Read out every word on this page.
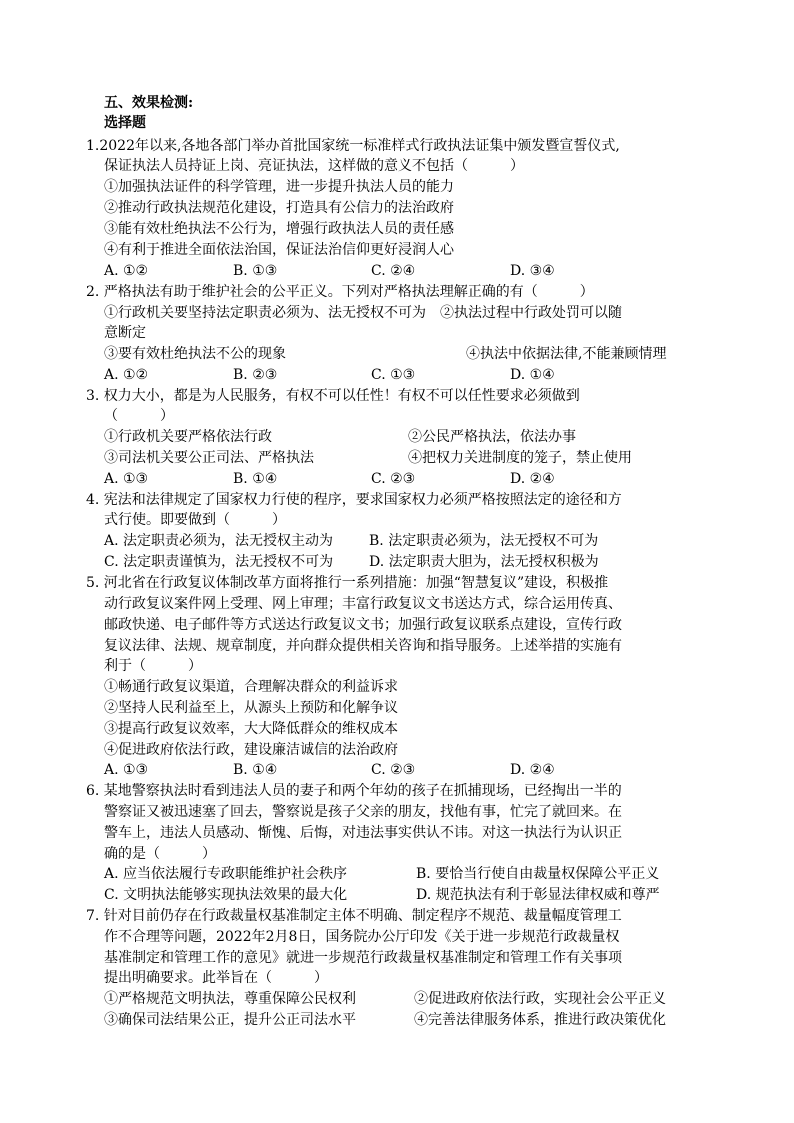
五、效果检测:
选择题
1.2022年以来,各地各部门举办首批国家统一标准样式行政执法证集中颁发暨宣誓仪式,
保证执法人员持证上岗、亮证执法，这样做的意义不包括（　　　）
①加强执法证件的科学管理，进一步提升执法人员的能力
②推动行政执法规范化建设，打造具有公信力的法治政府
③能有效杜绝执法不公行为，增强行政执法人员的责任感
④有利于推进全面依法治国，保证法治信仰更好浸润人心
A. ①②	B. ①③	C. ②④	D. ③④
2. 严格执法有助于维护社会的公平正义。下列对严格执法理解正确的有（　　　）
①行政机关要坚持法定职责必须为、法无授权不可为　②执法过程中行政处罚可以随
意断定
③要有效杜绝执法不公的现象	④执法中依据法律,不能兼顾情理
A. ①②	B. ②③	C. ①③	D. ①④
3. 权力大小，都是为人民服务，有权不可以任性！有权不可以任性要求必须做到
（　　　）
①行政机关要严格依法行政	②公民严格执法，依法办事
③司法机关要公正司法、严格执法	④把权力关进制度的笼子，禁止使用
A. ①③	B. ①④	C. ②③	D. ②④
4. 宪法和法律规定了国家权力行使的程序，要求国家权力必须严格按照法定的途径和方
式行使。即要做到（　　　）
A. 法定职责必须为，法无授权主动为	B. 法定职责必须为，法无授权不可为
C. 法定职责谨慎为，法无授权不可为	D. 法定职责大胆为，法无授权积极为
5. 河北省在行政复议体制改革方面将推行一系列措施：加强“智慧复议”建设，积极推
动行政复议案件网上受理、网上审理；丰富行政复议文书送达方式，综合运用传真、
邮政快递、电子邮件等方式送达行政复议文书；加强行政复议联系点建设，宣传行政
复议法律、法规、规章制度，并向群众提供相关咨询和指导服务。上述举措的实施有
利于（　　　）
①畅通行政复议渠道，合理解决群众的利益诉求
②坚持人民利益至上，从源头上预防和化解争议
③提高行政复议效率，大大降低群众的维权成本
④促进政府依法行政，建设廉洁诚信的法治政府
A. ①③	B. ①④	C. ②③	D. ②④
6. 某地警察执法时看到违法人员的妻子和两个年幼的孩子在抓捕现场，已经掏出一半的
警察证又被迅速塞了回去，警察说是孩子父亲的朋友，找他有事，忙完了就回来。在
警车上，违法人员感动、惭愧、后悔，对违法事实供认不讳。对这一执法行为认识正
确的是（　　　）
A. 应当依法履行专政职能维护社会秩序	B. 要恰当行使自由裁量权保障公平正义
C. 文明执法能够实现执法效果的最大化	D. 规范执法有利于彰显法律权威和尊严
7. 针对目前仍存在行政裁量权基准制定主体不明确、制定程序不规范、裁量幅度管理工
作不合理等问题，2022年2月8日，国务院办公厅印发《关于进一步规范行政裁量权
基准制定和管理工作的意见》就进一步规范行政裁量权基准制定和管理工作有关事项
提出明确要求。此举旨在（　　　）
①严格规范文明执法，尊重保障公民权利	②促进政府依法行政，实现社会公平正义
③确保司法结果公正，提升公正司法水平	④完善法律服务体系，推进行政决策优化
